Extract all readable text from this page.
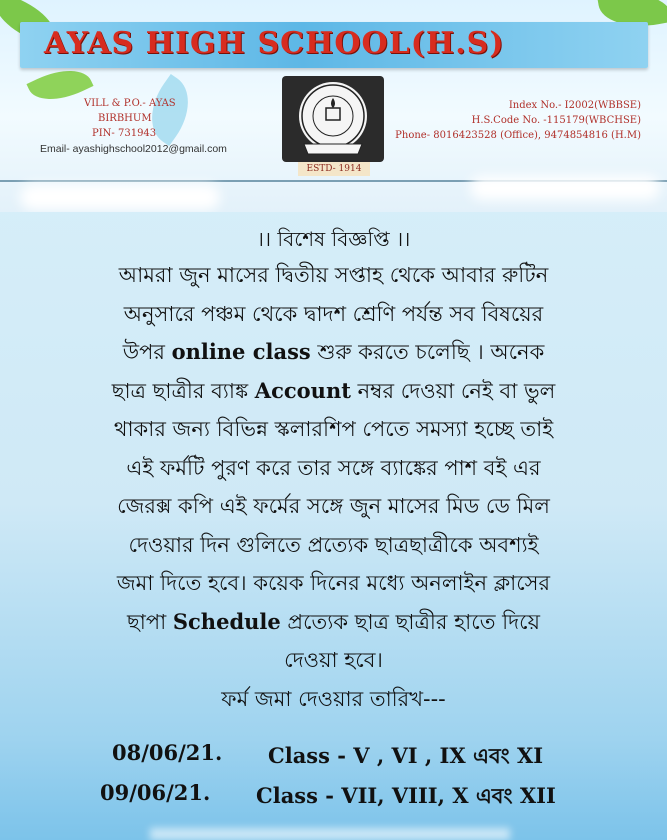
AYAS HIGH SCHOOL(H.S)
VILL & P.O.- AYAS
BIRBHUM
PIN- 731943
Email- ayashighschool2012@gmail.com
ESTD- 1914
Index No.- I2002(WBBSE)
H.S.Code No. -115179(WBCHSE)
Phone- 8016423528 (Office), 9474854816 (H.M)
।। বিশেষ বিজ্ঞপ্তি ।।
আমরা জুন মাসের দ্বিতীয় সপ্তাহ থেকে আবার রুটিন
অনুসারে পঞ্চম থেকে দ্বাদশ শ্রেণি পর্যন্ত সব বিষয়ের
উপর online class শুরু করতে চলেছি । অনেক
ছাত্র ছাত্রীর ব্যাঙ্ক Account নম্বর দেওয়া নেই বা ভুল
থাকার জন্য বিভিন্ন স্কলারশিপ পেতে সমস্যা হচ্ছে তাই
এই ফর্মটি পুরণ করে তার সঙ্গে ব্যাঙ্কের পাশ বই এর
জেরক্স কপি এই ফর্মের সঙ্গে জুন মাসের মিড ডে মিল
দেওয়ার দিন গুলিতে প্রত্যেক ছাত্রছাত্রীকে অবশ্যই
জমা দিতে হবে। কয়েক দিনের মধ্যে অনলাইন ক্লাসের
ছাপা Schedule প্রত্যেক ছাত্র ছাত্রীর হাতে দিয়ে
দেওয়া হবে।
ফর্ম জমা দেওয়ার তারিখ---
08/06/21. Class - V , VI , IX এবং XI
09/06/21. Class - VII, VIII, X এবং XII
